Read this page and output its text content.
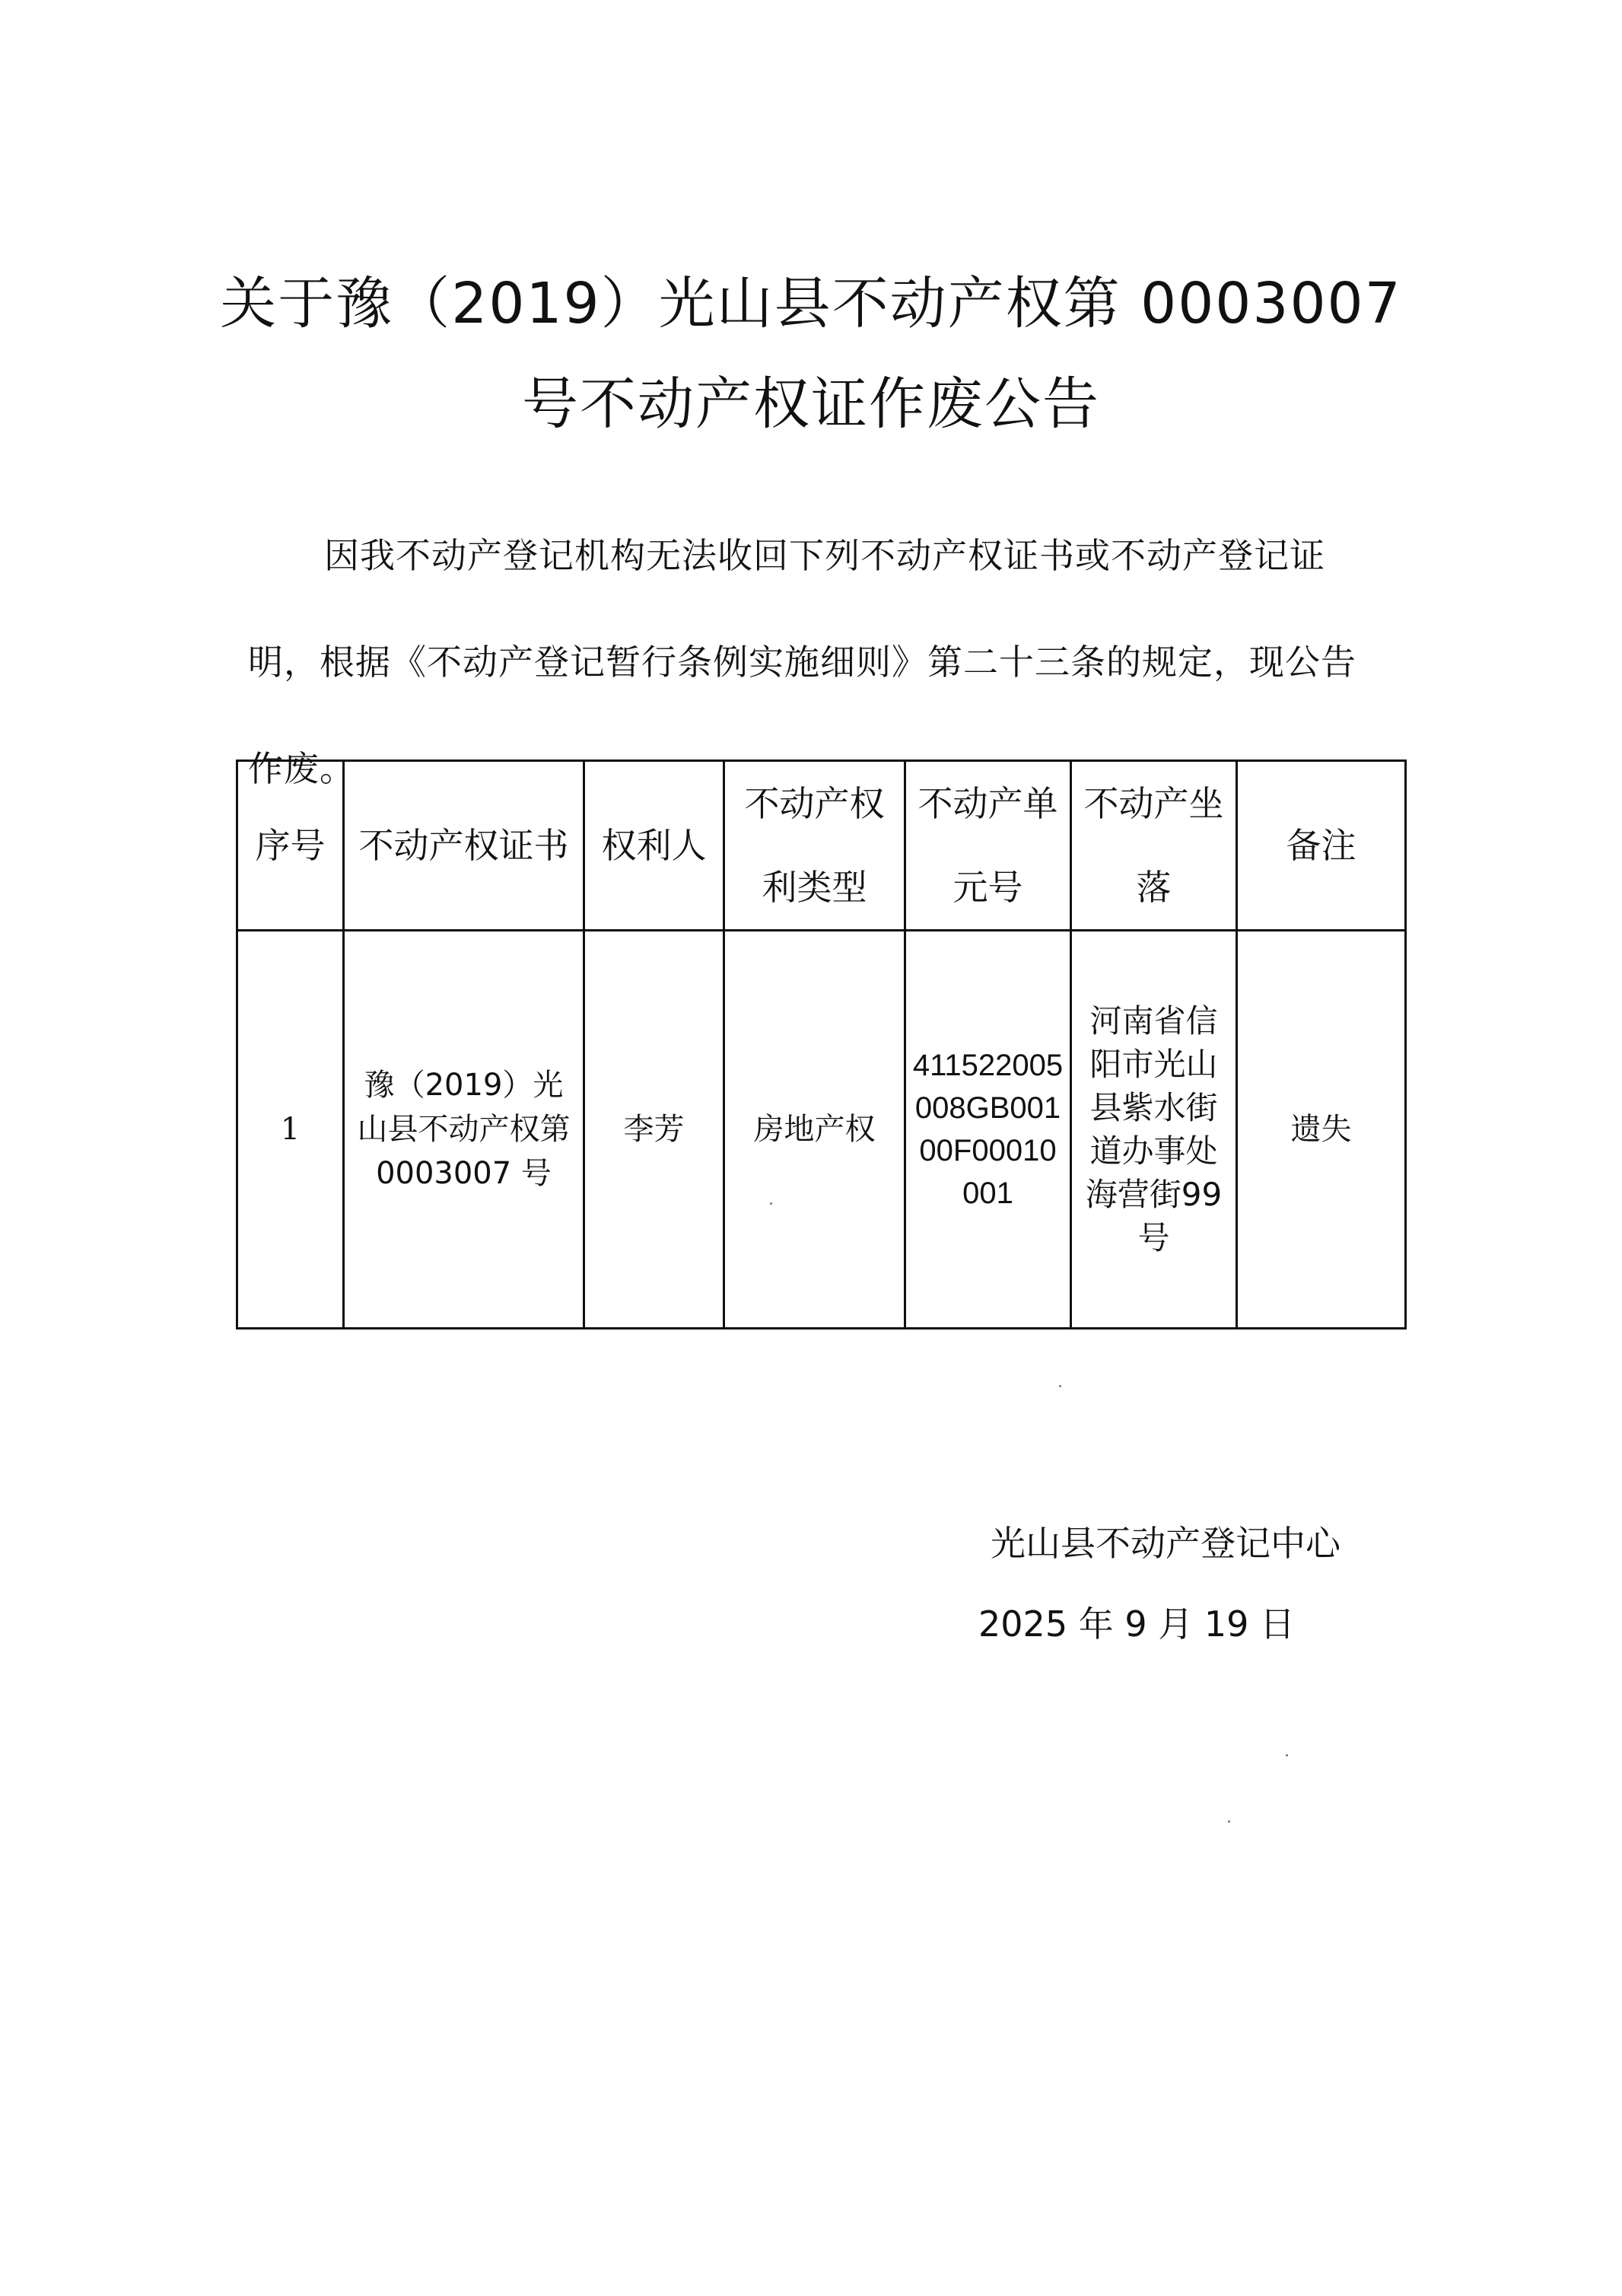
关于豫（2019）光山县不动产权第 0003007
号不动产权证作废公告

因我不动产登记机构无法收回下列不动产权证书或不动产登记证明，根据《不动产登记暂行条例实施细则》第二十三条的规定，现公告作废。

序号	不动产权证书	权利人	不动产权利类型	不动产单元号	不动产坐落	备注
1	豫（2019）光山县不动产权第0003007 号	李芳	房地产权	411522005008GB00100F00010001	河南省信阳市光山县紫水街道办事处海营街99号	遗失

光山县不动产登记中心

2025 年 9 月 19 日
